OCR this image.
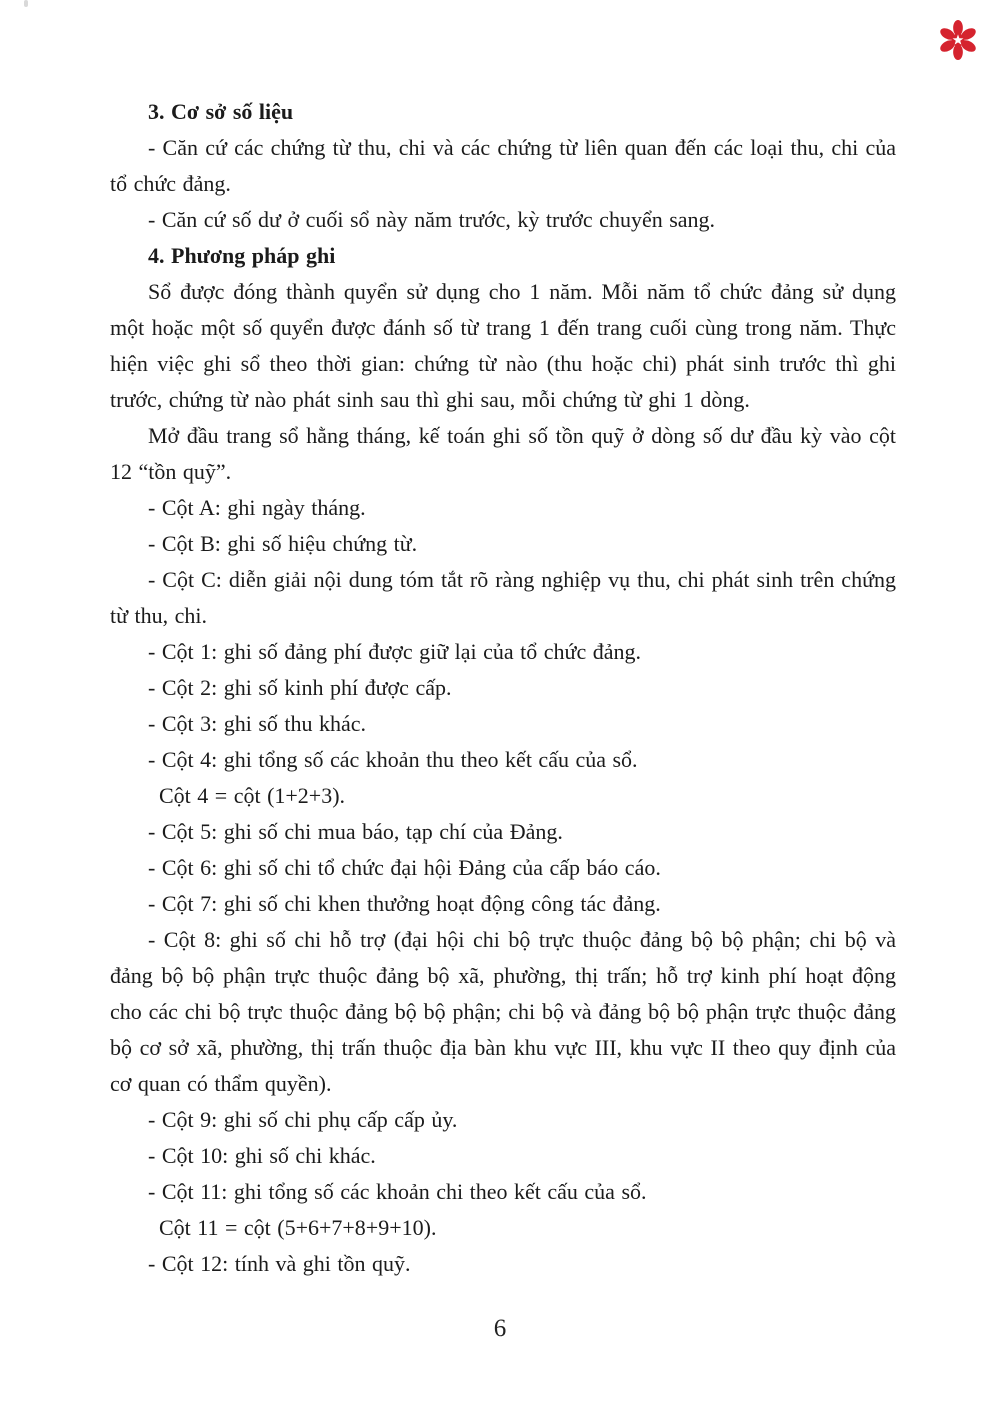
3. Cơ sở số liệu

- Căn cứ các chứng từ thu, chi và các chứng từ liên quan đến các loại thu, chi của tổ chức đảng.

- Căn cứ số dư ở cuối sổ này năm trước, kỳ trước chuyển sang.

4. Phương pháp ghi

Sổ được đóng thành quyển sử dụng cho 1 năm. Mỗi năm tổ chức đảng sử dụng một hoặc một số quyển được đánh số từ trang 1 đến trang cuối cùng trong năm. Thực hiện việc ghi sổ theo thời gian: chứng từ nào (thu hoặc chi) phát sinh trước thì ghi trước, chứng từ nào phát sinh sau thì ghi sau, mỗi chứng từ ghi 1 dòng.

Mở đầu trang sổ hằng tháng, kế toán ghi số tồn quỹ ở dòng số dư đầu kỳ vào cột 12 “tồn quỹ”.

- Cột A: ghi ngày tháng.

- Cột B: ghi số hiệu chứng từ.

- Cột C: diễn giải nội dung tóm tắt rõ ràng nghiệp vụ thu, chi phát sinh trên chứng từ thu, chi.

- Cột 1: ghi số đảng phí được giữ lại của tổ chức đảng.

- Cột 2: ghi số kinh phí được cấp.

- Cột 3: ghi số thu khác.

- Cột 4: ghi tổng số các khoản thu theo kết cấu của sổ.

Cột 4 = cột (1+2+3).

- Cột 5: ghi số chi mua báo, tạp chí của Đảng.

- Cột 6: ghi số chi tổ chức đại hội Đảng của cấp báo cáo.

- Cột 7: ghi số chi khen thưởng hoạt động công tác đảng.

- Cột 8: ghi số chi hỗ trợ (đại hội chi bộ trực thuộc đảng bộ bộ phận; chi bộ và đảng bộ bộ phận trực thuộc đảng bộ xã, phường, thị trấn; hỗ trợ kinh phí hoạt động cho các chi bộ trực thuộc đảng bộ bộ phận; chi bộ và đảng bộ bộ phận trực thuộc đảng bộ cơ sở xã, phường, thị trấn thuộc địa bàn khu vực III, khu vực II theo quy định của cơ quan có thẩm quyền).

- Cột 9: ghi số chi phụ cấp cấp ủy.

- Cột 10: ghi số chi khác.

- Cột 11: ghi tổng số các khoản chi theo kết cấu của sổ.

Cột 11 = cột (5+6+7+8+9+10).

- Cột 12: tính và ghi tồn quỹ.

6
